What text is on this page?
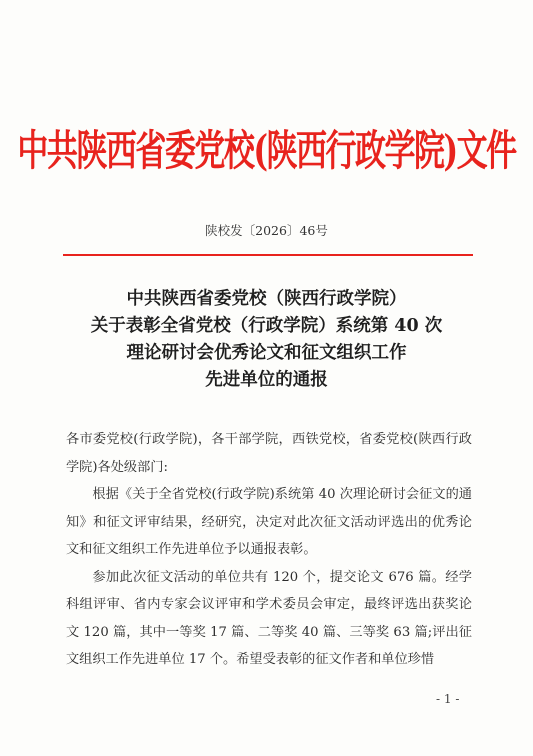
中共陕西省委党校(陕西行政学院)文件
陕校发〔2026〕46号
中共陕西省委党校（陕西行政学院）
关于表彰全省党校（行政学院）系统第 40 次
理论研讨会优秀论文和征文组织工作
先进单位的通报

各市委党校(行政学院)，各干部学院，西铁党校，省委党校(陕西行政学院)各处级部门:

根据《关于全省党校(行政学院)系统第 40 次理论研讨会征文的通知》和征文评审结果，经研究，决定对此次征文活动评选出的优秀论文和征文组织工作先进单位予以通报表彰。

参加此次征文活动的单位共有 120 个，提交论文 676 篇。经学科组评审、省内专家会议评审和学术委员会审定，最终评选出获奖论文 120 篇，其中一等奖 17 篇、二等奖 40 篇、三等奖 63 篇;评出征文组织工作先进单位 17 个。希望受表彰的征文作者和单位珍惜

- 1 -
